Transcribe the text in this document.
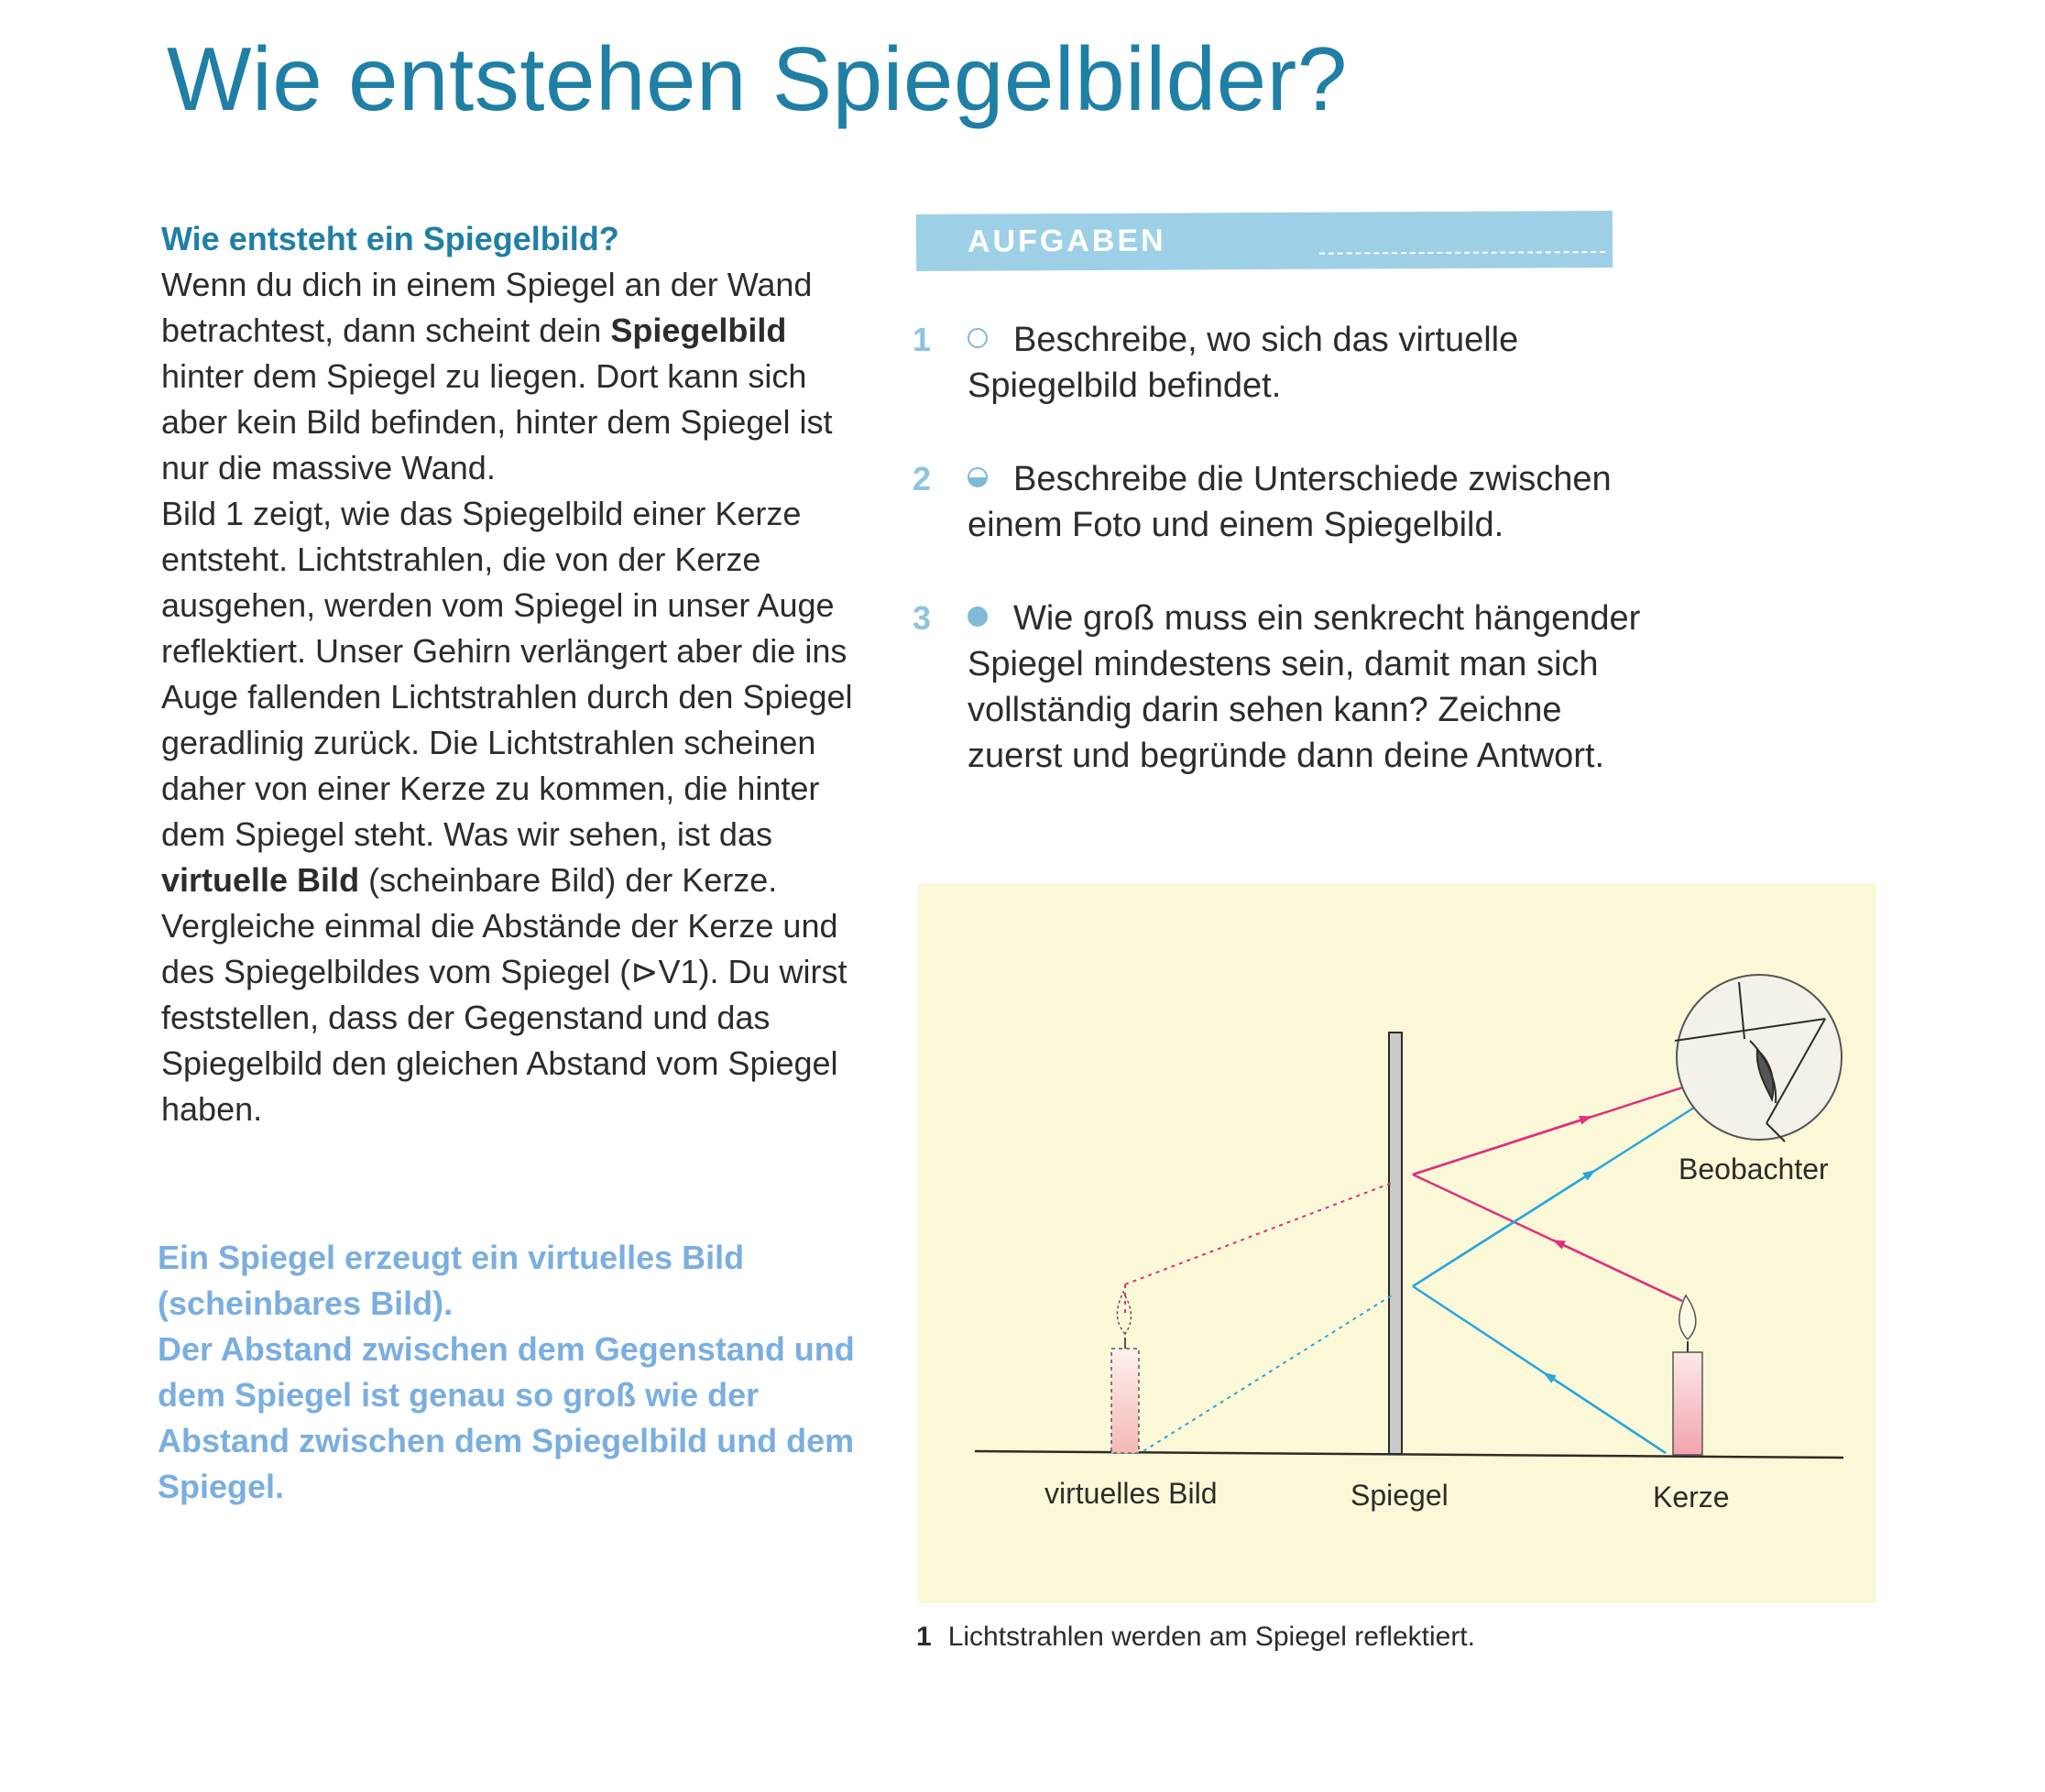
Wie entstehen Spiegelbilder?
Wie entsteht ein Spiegelbild?

Wenn du dich in einem Spiegel an der Wand betrachtest, dann scheint dein Spiegelbild hinter dem Spiegel zu liegen. Dort kann sich aber kein Bild befinden, hinter dem Spiegel ist nur die massive Wand.

Bild 1 zeigt, wie das Spiegelbild einer Kerze entsteht. Lichtstrahlen, die von der Kerze ausgehen, werden vom Spiegel in unser Auge reflektiert. Unser Gehirn verlängert aber die ins Auge fallenden Lichtstrahlen durch den Spiegel geradlinig zurück. Die Lichtstrahlen scheinen daher von einer Kerze zu kommen, die hinter dem Spiegel steht. Was wir sehen, ist das virtuelle Bild (scheinbare Bild) der Kerze.

Vergleiche einmal die Abstände der Kerze und des Spiegelbildes vom Spiegel (⊳V1). Du wirst feststellen, dass der Gegenstand und das Spiegelbild den gleichen Abstand vom Spiegel haben.

Ein Spiegel erzeugt ein virtuelles Bild (scheinbares Bild).

Der Abstand zwischen dem Gegenstand und dem Spiegel ist genau so groß wie der Abstand zwischen dem Spiegelbild und dem Spiegel.

AUFGABEN
1	Beschreibe, wo sich das virtuelle Spiegelbild befindet.
2	Beschreibe die Unterschiede zwischen einem Foto und einem Spiegelbild.
3	Wie groß muss ein senkrecht hängender Spiegel mindestens sein, damit man sich vollständig darin sehen kann? Zeichne zuerst und begründe dann deine Antwort.
virtuelles Bild	Spiegel	Kerze
Beobachter
1 Lichtstrahlen werden am Spiegel reflektiert.
